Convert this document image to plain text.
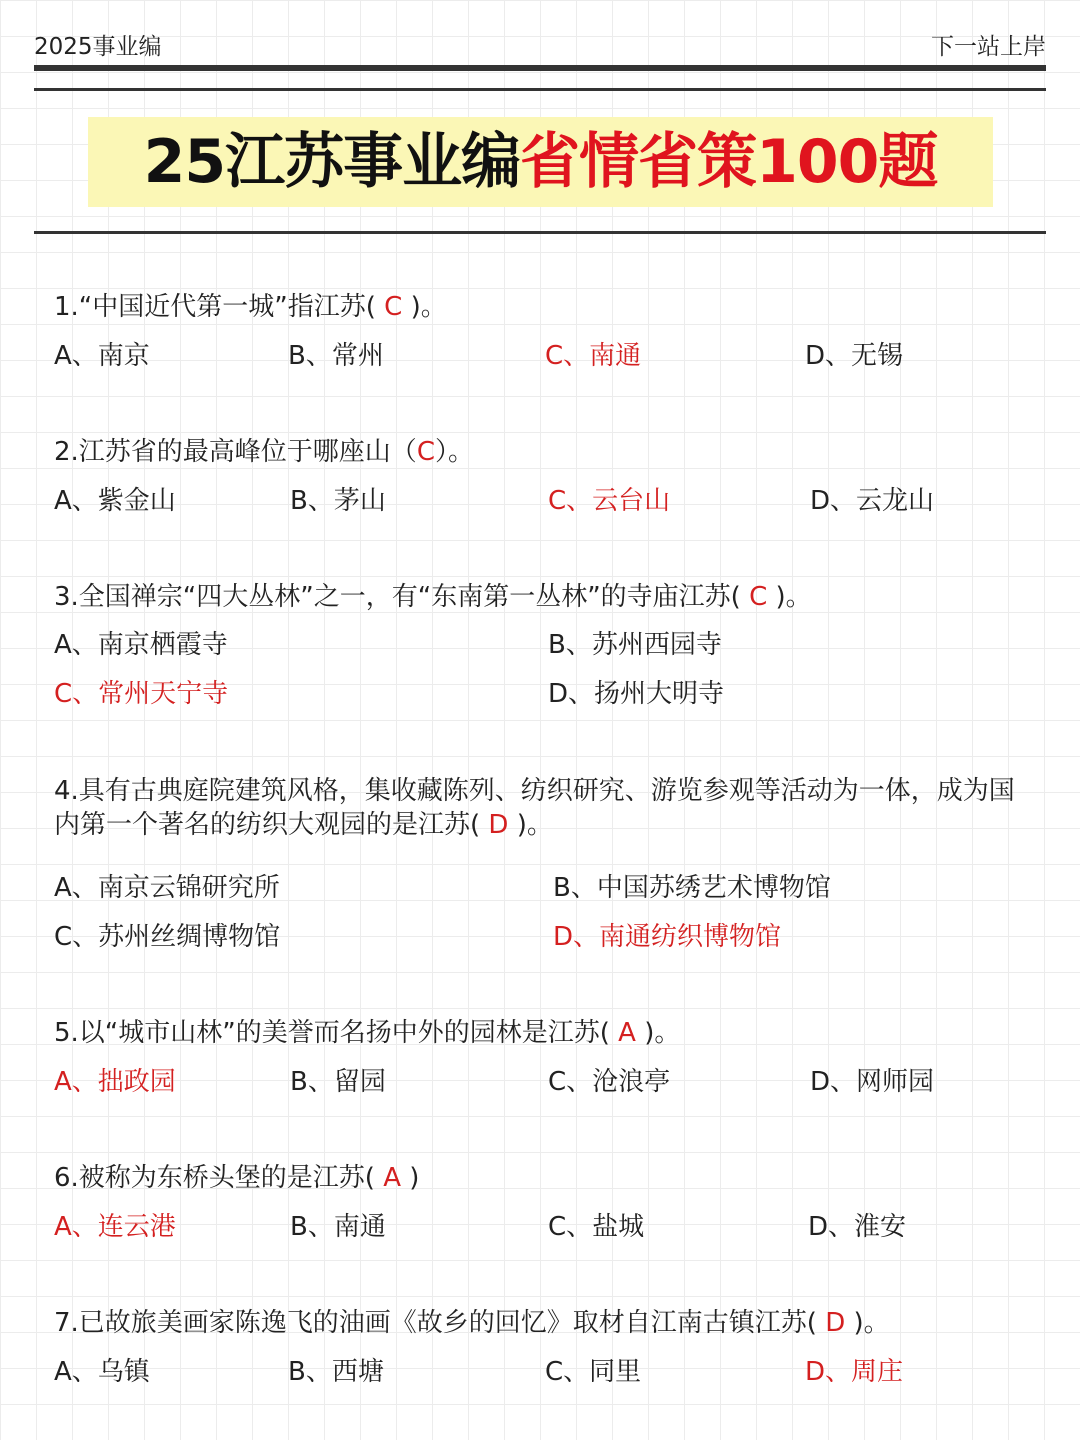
2025事业编	下一站上岸
25江苏事业编 省情省策100题
1.“中国近代第一城”指江苏( C )。
A、南京	B、常州	C、南通	D、无锡
2.江苏省的最高峰位于哪座山（C）。
A、紫金山	B、茅山	C、云台山	D、云龙山
3.全国禅宗“四大丛林”之一，有“东南第一丛林”的寺庙江苏( C )。
A、南京栖霞寺	B、苏州西园寺
C、常州天宁寺	D、扬州大明寺
4.具有古典庭院建筑风格，集收藏陈列、纺织研究、游览参观等活动为一体，成为国内第一个著名的纺织大观园的是江苏( D )。
A、南京云锦研究所	B、中国苏绣艺术博物馆
C、苏州丝绸博物馆	D、南通纺织博物馆
5.以“城市山林”的美誉而名扬中外的园林是江苏( A )。
A、拙政园	B、留园	C、沧浪亭	D、网师园
6.被称为东桥头堡的是江苏( A )
A、连云港	B、南通	C、盐城	D、淮安
7.已故旅美画家陈逸飞的油画《故乡的回忆》取材自江南古镇江苏( D )。
A、乌镇	B、西塘	C、同里	D、周庄
